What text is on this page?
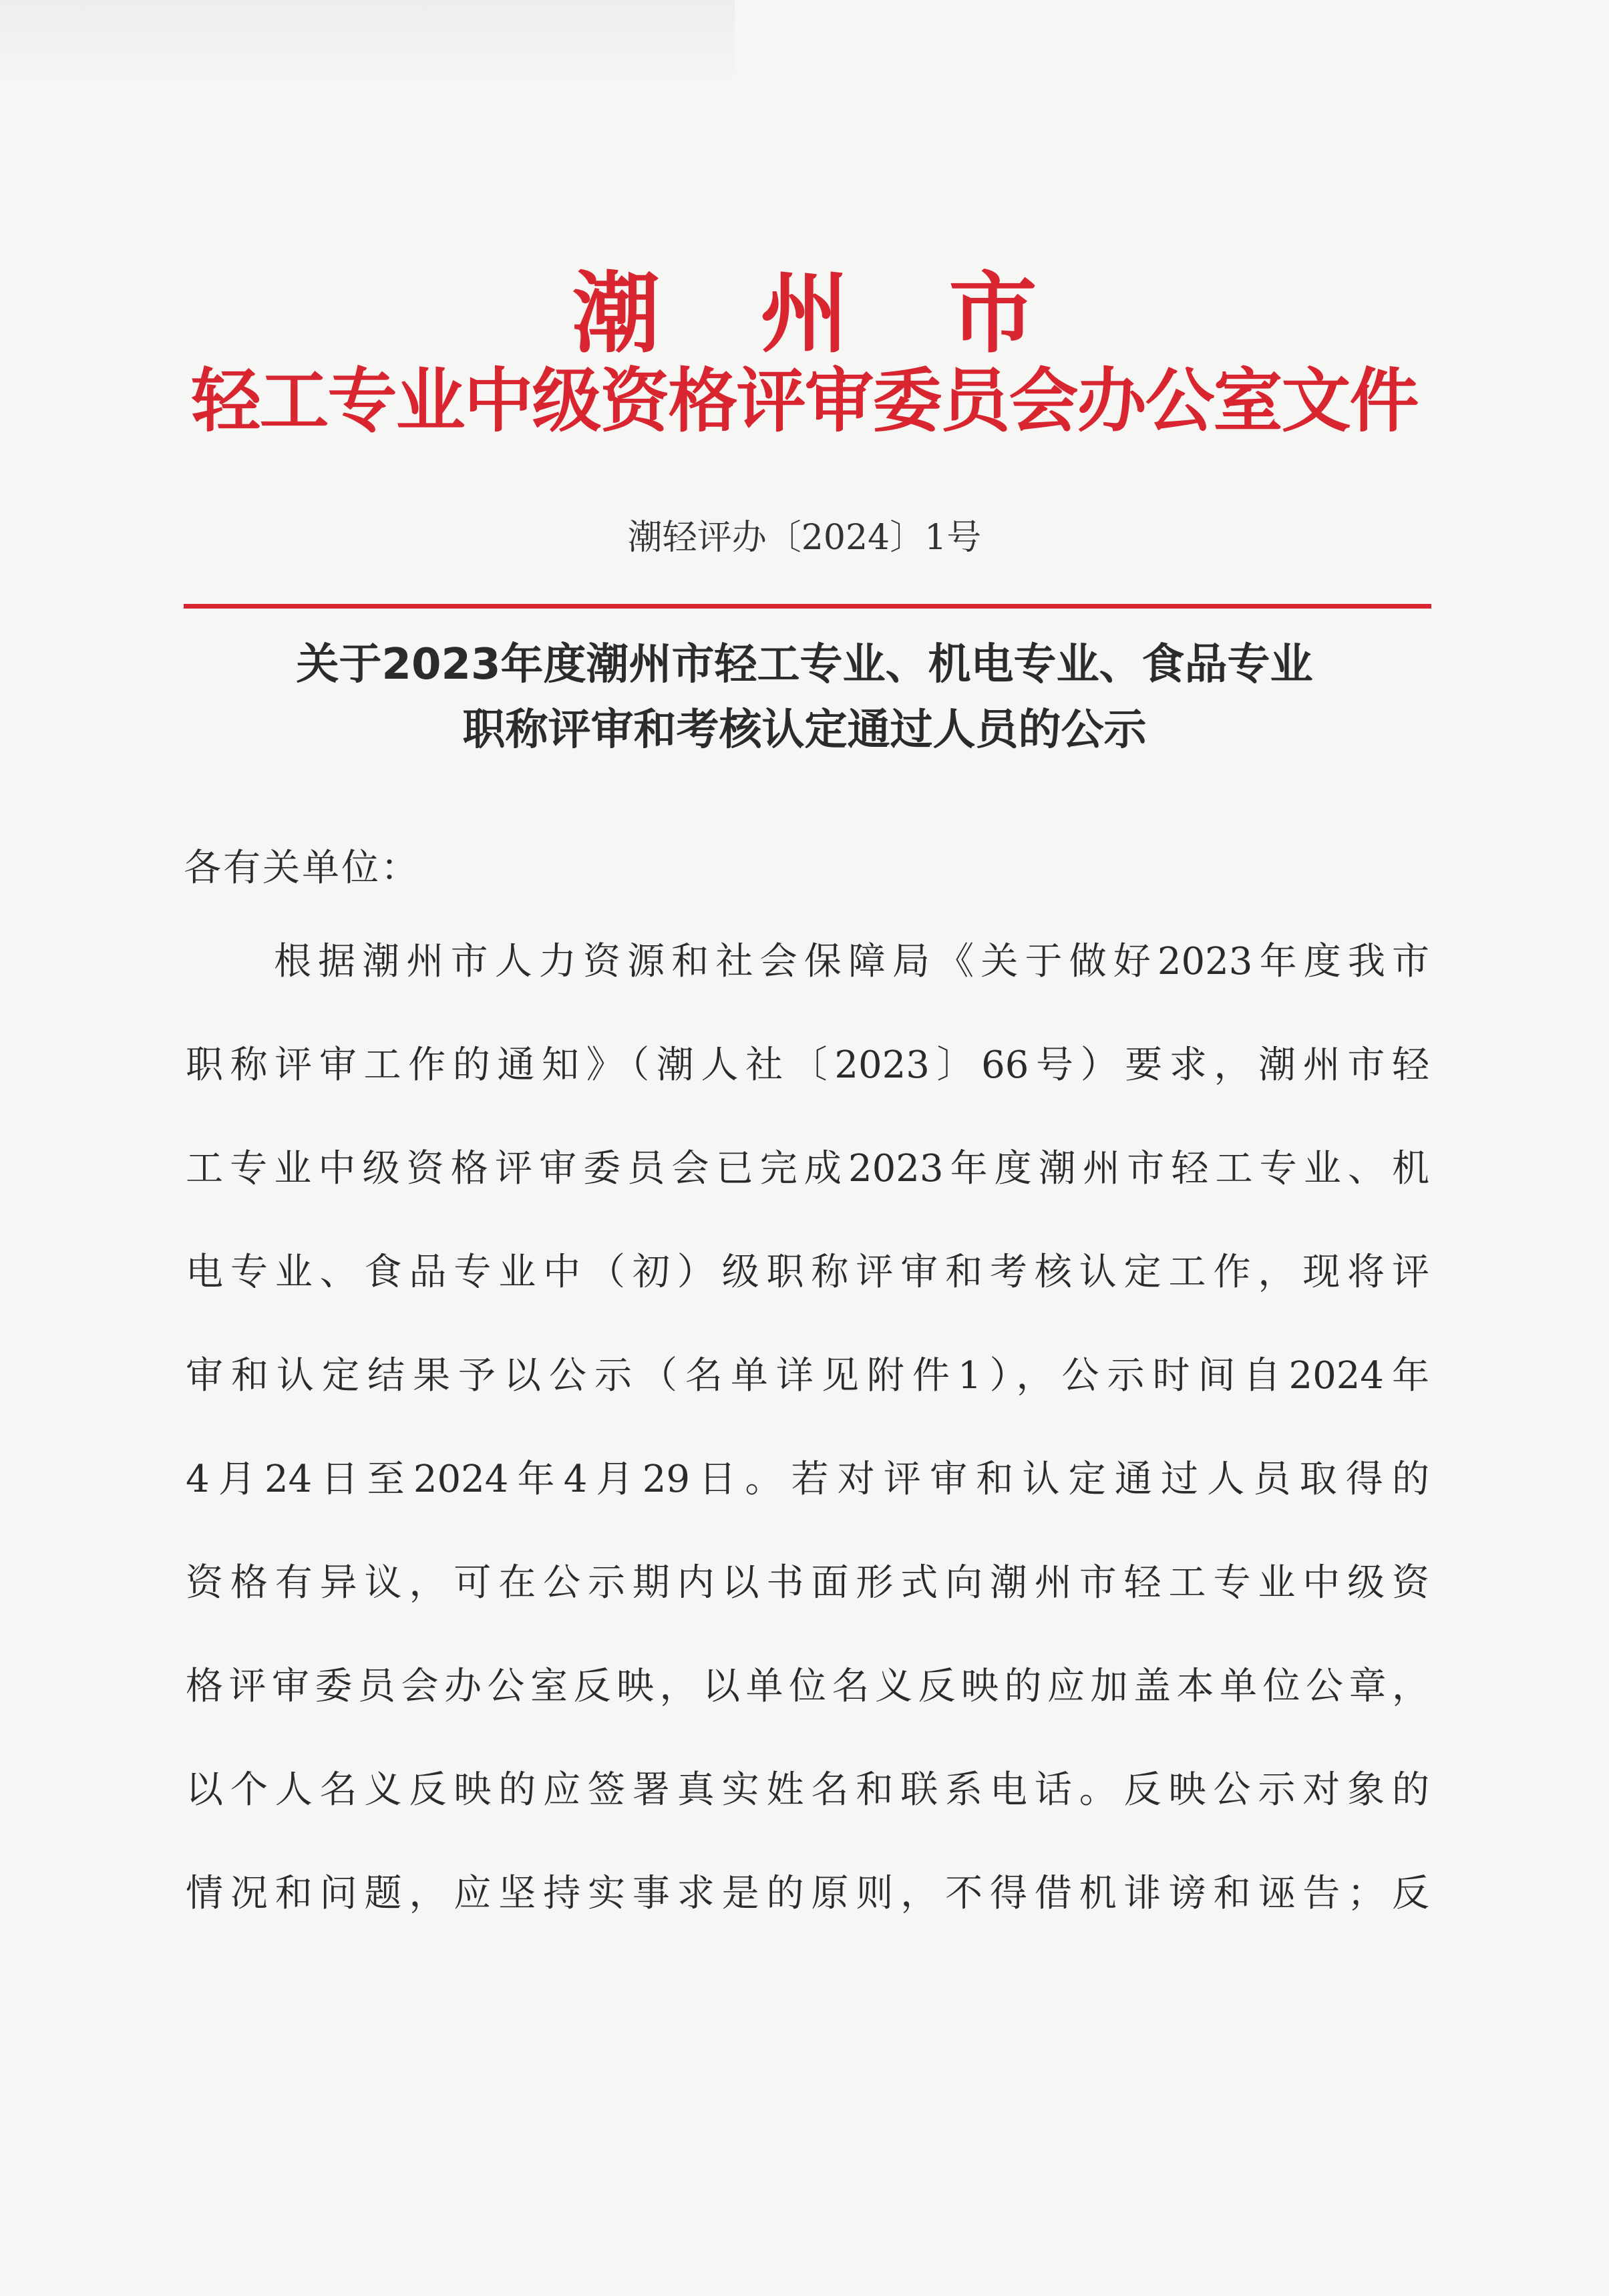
潮州市
轻工专业中级资格评审委员会办公室文件
潮轻评办〔2024〕1号
关于2023年度潮州市轻工专业、机电专业、食品专业
职称评审和考核认定通过人员的公示
各有关单位：
根据潮州市人力资源和社会保障局《关于做好2023年度我市
职称评审工作的通知》（潮人社〔2023〕66号）要求，潮州市轻
工专业中级资格评审委员会已完成2023年度潮州市轻工专业、机
电专业、食品专业中（初）级职称评审和考核认定工作，现将评
审和认定结果予以公示（名单详见附件1），公示时间自2024年
4月24日至2024年4月29日。若对评审和认定通过人员取得的
资格有异议，可在公示期内以书面形式向潮州市轻工专业中级资
格评审委员会办公室反映，以单位名义反映的应加盖本单位公章，
以个人名义反映的应签署真实姓名和联系电话。反映公示对象的
情况和问题，应坚持实事求是的原则，不得借机诽谤和诬告；反
